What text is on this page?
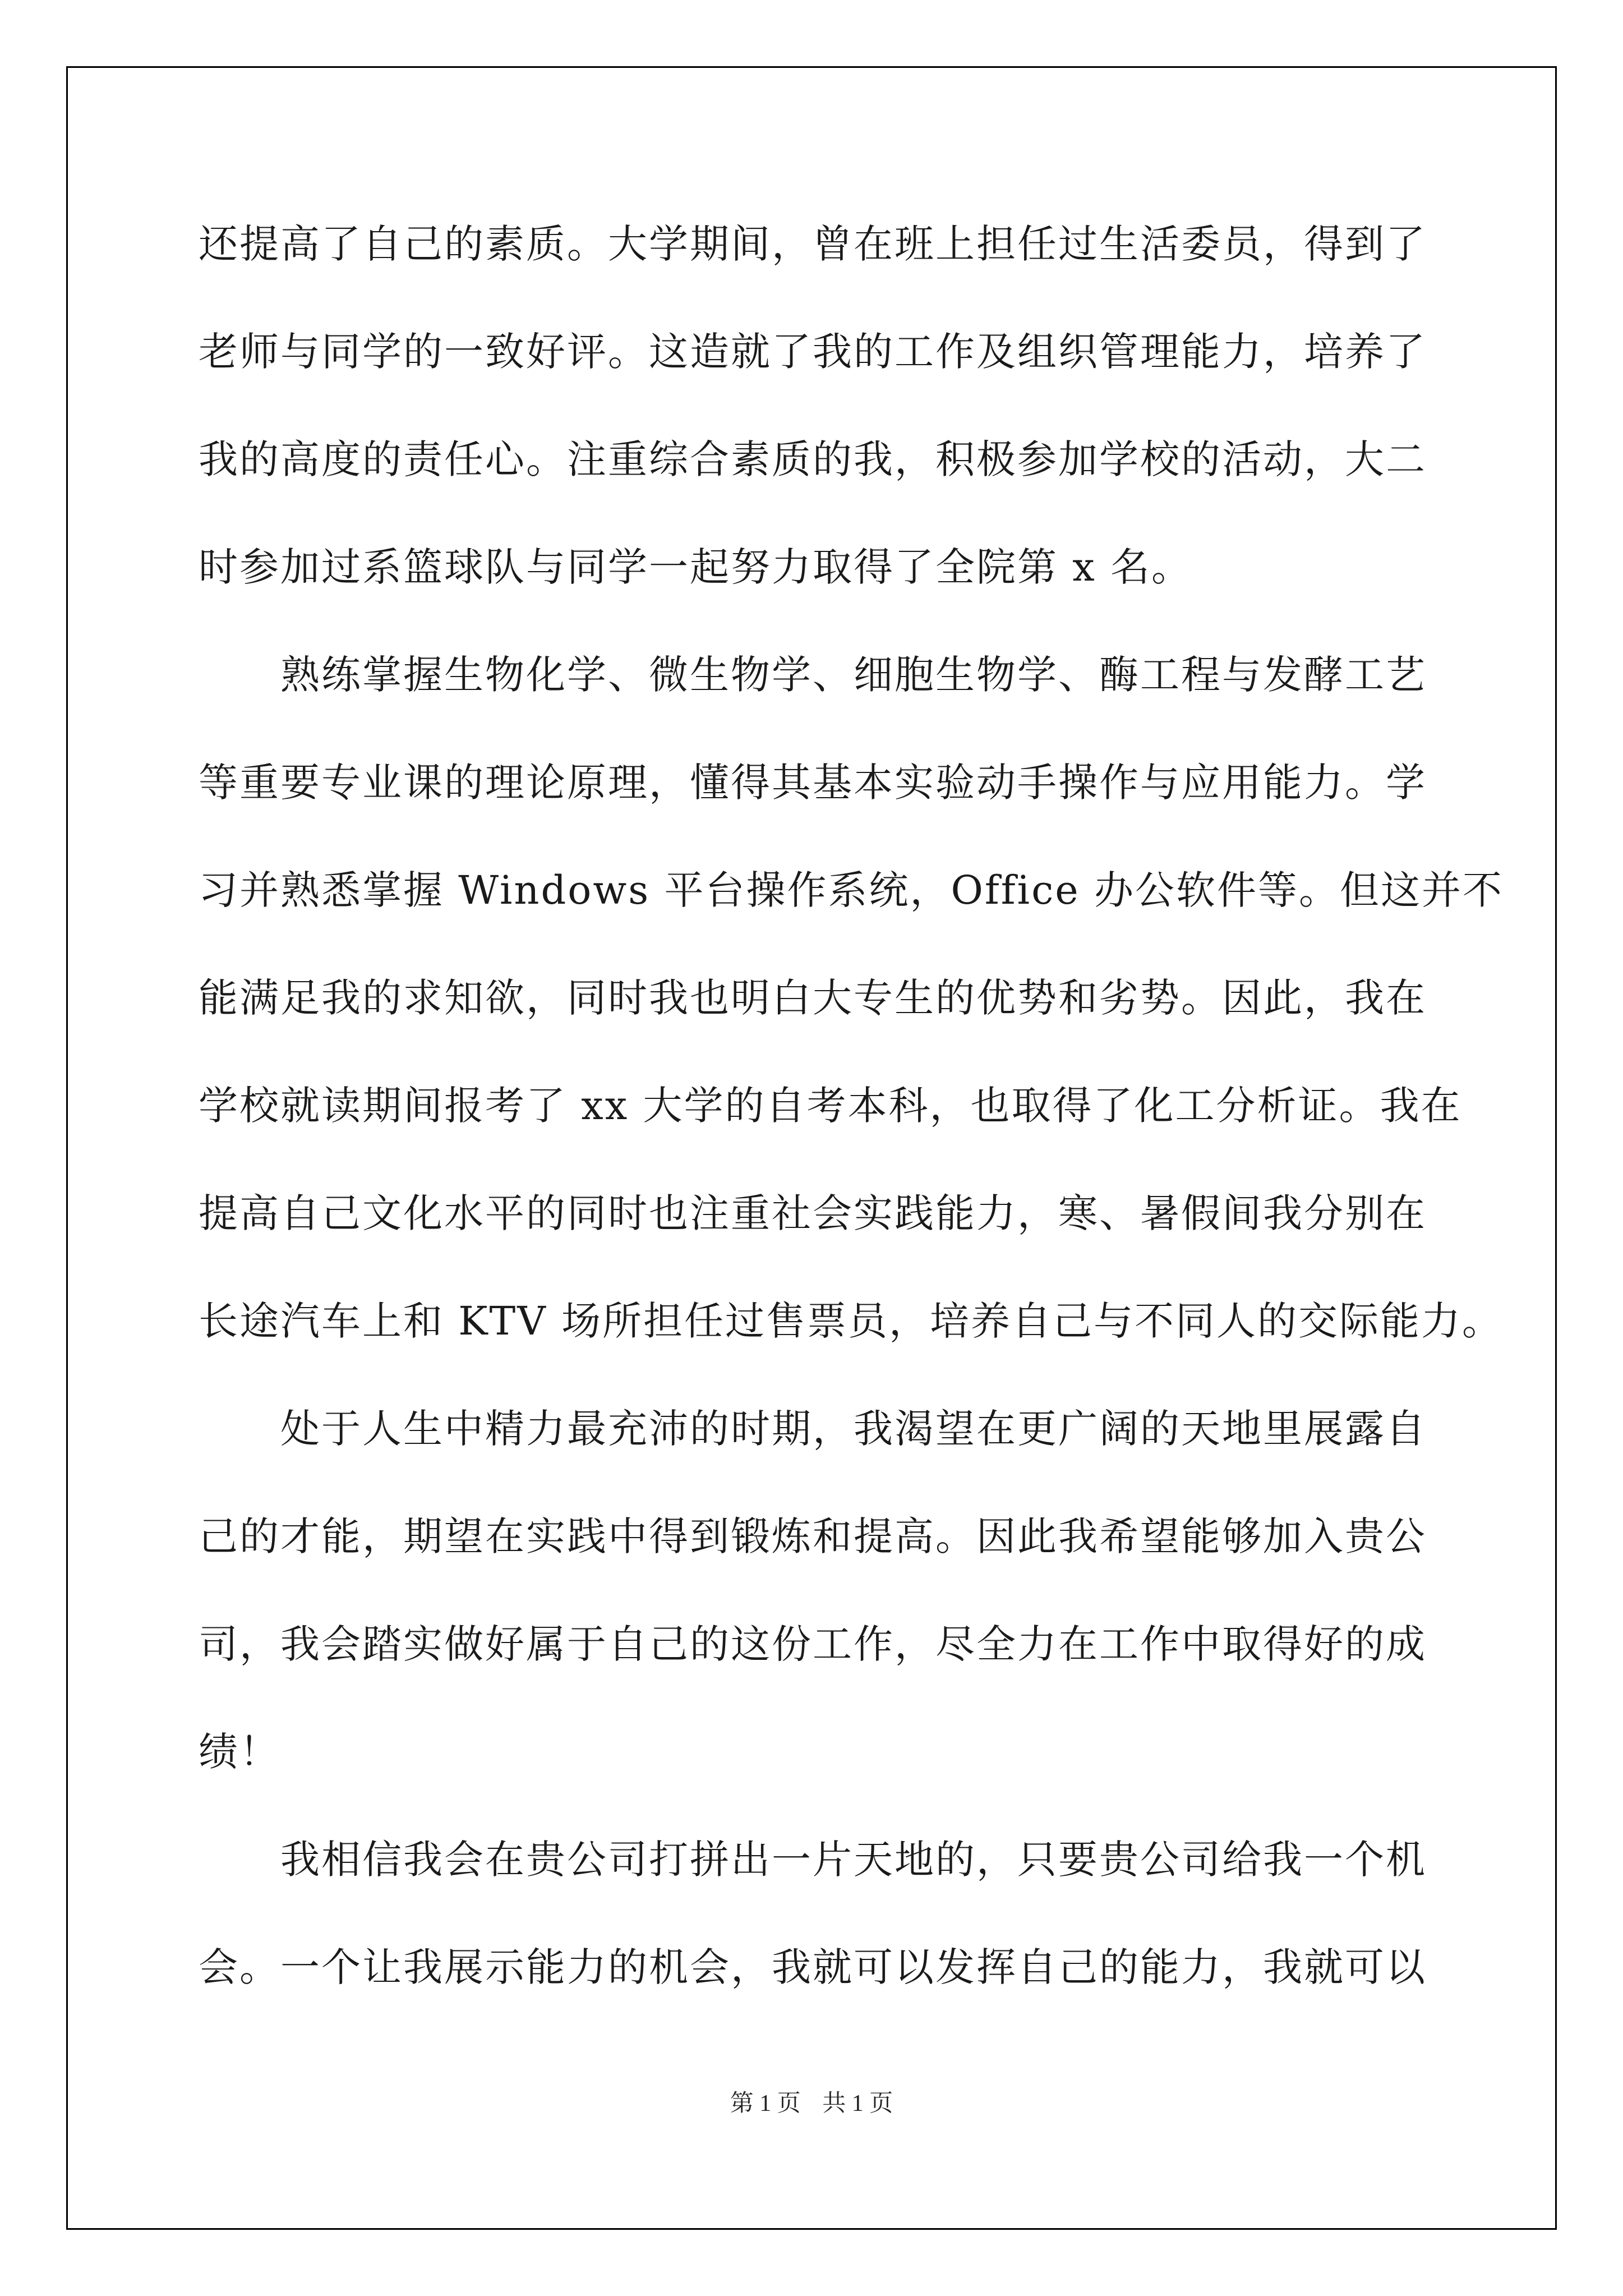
还提高了自己的素质。大学期间，曾在班上担任过生活委员，得到了
老师与同学的一致好评。这造就了我的工作及组织管理能力，培养了
我的高度的责任心。注重综合素质的我，积极参加学校的活动，大二
时参加过系篮球队与同学一起努力取得了全院第 x 名。
熟练掌握生物化学、微生物学、细胞生物学、酶工程与发酵工艺
等重要专业课的理论原理，懂得其基本实验动手操作与应用能力。学
习并熟悉掌握 Windows 平台操作系统，Office 办公软件等。但这并不
能满足我的求知欲，同时我也明白大专生的优势和劣势。因此，我在
学校就读期间报考了 xx 大学的自考本科，也取得了化工分析证。我在
提高自己文化水平的同时也注重社会实践能力，寒、暑假间我分别在
长途汽车上和 KTV 场所担任过售票员，培养自己与不同人的交际能力。
处于人生中精力最充沛的时期，我渴望在更广阔的天地里展露自
己的才能，期望在实践中得到锻炼和提高。因此我希望能够加入贵公
司，我会踏实做好属于自己的这份工作，尽全力在工作中取得好的成
绩！
我相信我会在贵公司打拼出一片天地的，只要贵公司给我一个机
会。一个让我展示能力的机会，我就可以发挥自己的能力，我就可以
第 1 页 共 1 页
